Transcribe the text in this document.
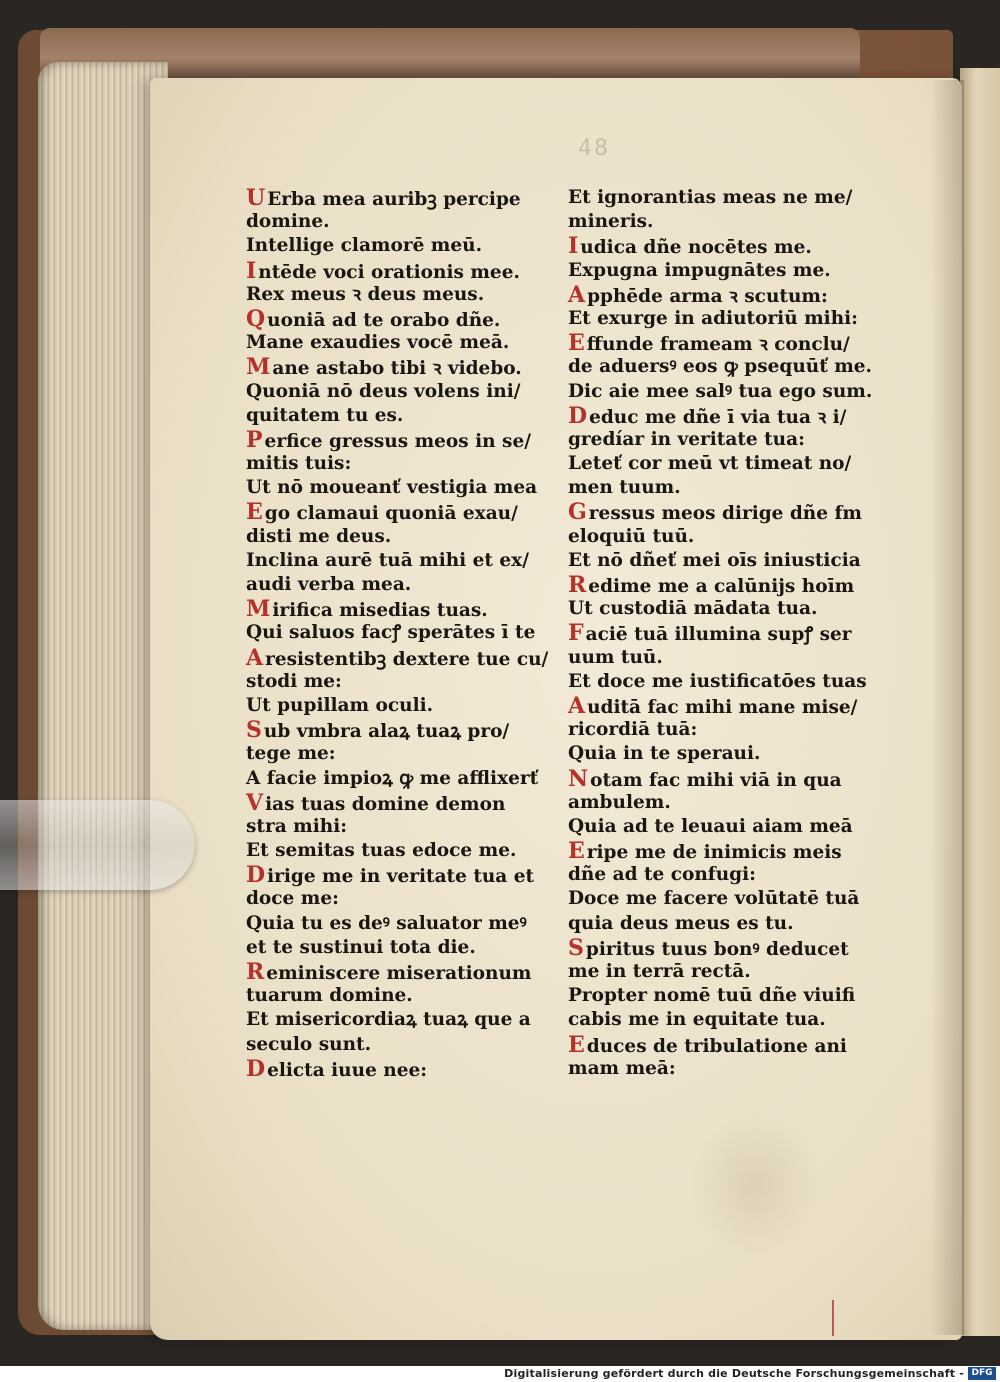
48
U Erba mea auribꝫ percipe
domine.
Intellige clamorē meū.
I ntēde voci orationis mee.
Rex meus ꝛ deus meus.
Q uoniā ad te orabo dñe.
Mane exaudies vocē meā.
M ane astabo tibi ꝛ videbo.
Quoniā nō deus volens ini/
quitatem tu es.
P erfice gressus meos in se/
mitis tuis:
Ut nō moueanť vestigia mea
E go clamaui quoniā exau/
disti me deus.
Inclina aurē tuā mihi et ex/
audi verba mea.
M irifica misedias tuas.
Qui saluos facꝭ sperātes ī te
A resistentibꝫ dextere tue cu/
stodi me:
Ut pupillam oculi.
S ub vmbra alaꝝ tuaꝝ pro/
tege me:
A facie impioꝝ ꝙ me afflixerť
V ias tuas domine demon
stra mihi:
Et semitas tuas edoce me.
D irige me in veritate tua et
doce me:
Quia tu es deꝰ saluator meꝰ
et te sustinui tota die.
R eminiscere miserationum
tuarum domine.
Et misericordiaꝝ tuaꝝ que a
seculo sunt.
D elicta iuue nee:
Et ignorantias meas ne me/
mineris.
I udica dñe nocētes me.
Expugna impugnātes me.
A pphēde arma ꝛ scutum:
Et exurge in adiutoriū mihi:
E ffunde frameam ꝛ conclu/
de aduersꝰ eos ꝙ psequūť me.
Dic aie mee salꝰ tua ego sum.
D educ me dñe ī via tua ꝛ i/
gredíar in veritate tua:
Leteť cor meū vt timeat no/
men tuum.
G ressus meos dirige dñe fm
eloquiū tuū.
Et nō dñeť mei oīs iniusticia
R edime me a calūnijs hoīm
Ut custodiā mādata tua.
F aciē tuā illumina supꝭ ser
uum tuū.
Et doce me iustificatōes tuas
A uditā fac mihi mane mise/
ricordiā tuā:
Quia in te speraui.
N otam fac mihi viā in qua
ambulem.
Quia ad te leuaui aiam meā
E ripe me de inimicis meis
dñe ad te confugi:
Doce me facere volūtatē tuā
quia deus meus es tu.
S piritus tuus bonꝰ deducet
me in terrā rectā.
Propter nomē tuū dñe viuifi
cabis me in equitate tua.
E duces de tribulatione ani
mam meā:
Digitalisierung gefördert durch die Deutsche Forschungsgemeinschaft - DFG
